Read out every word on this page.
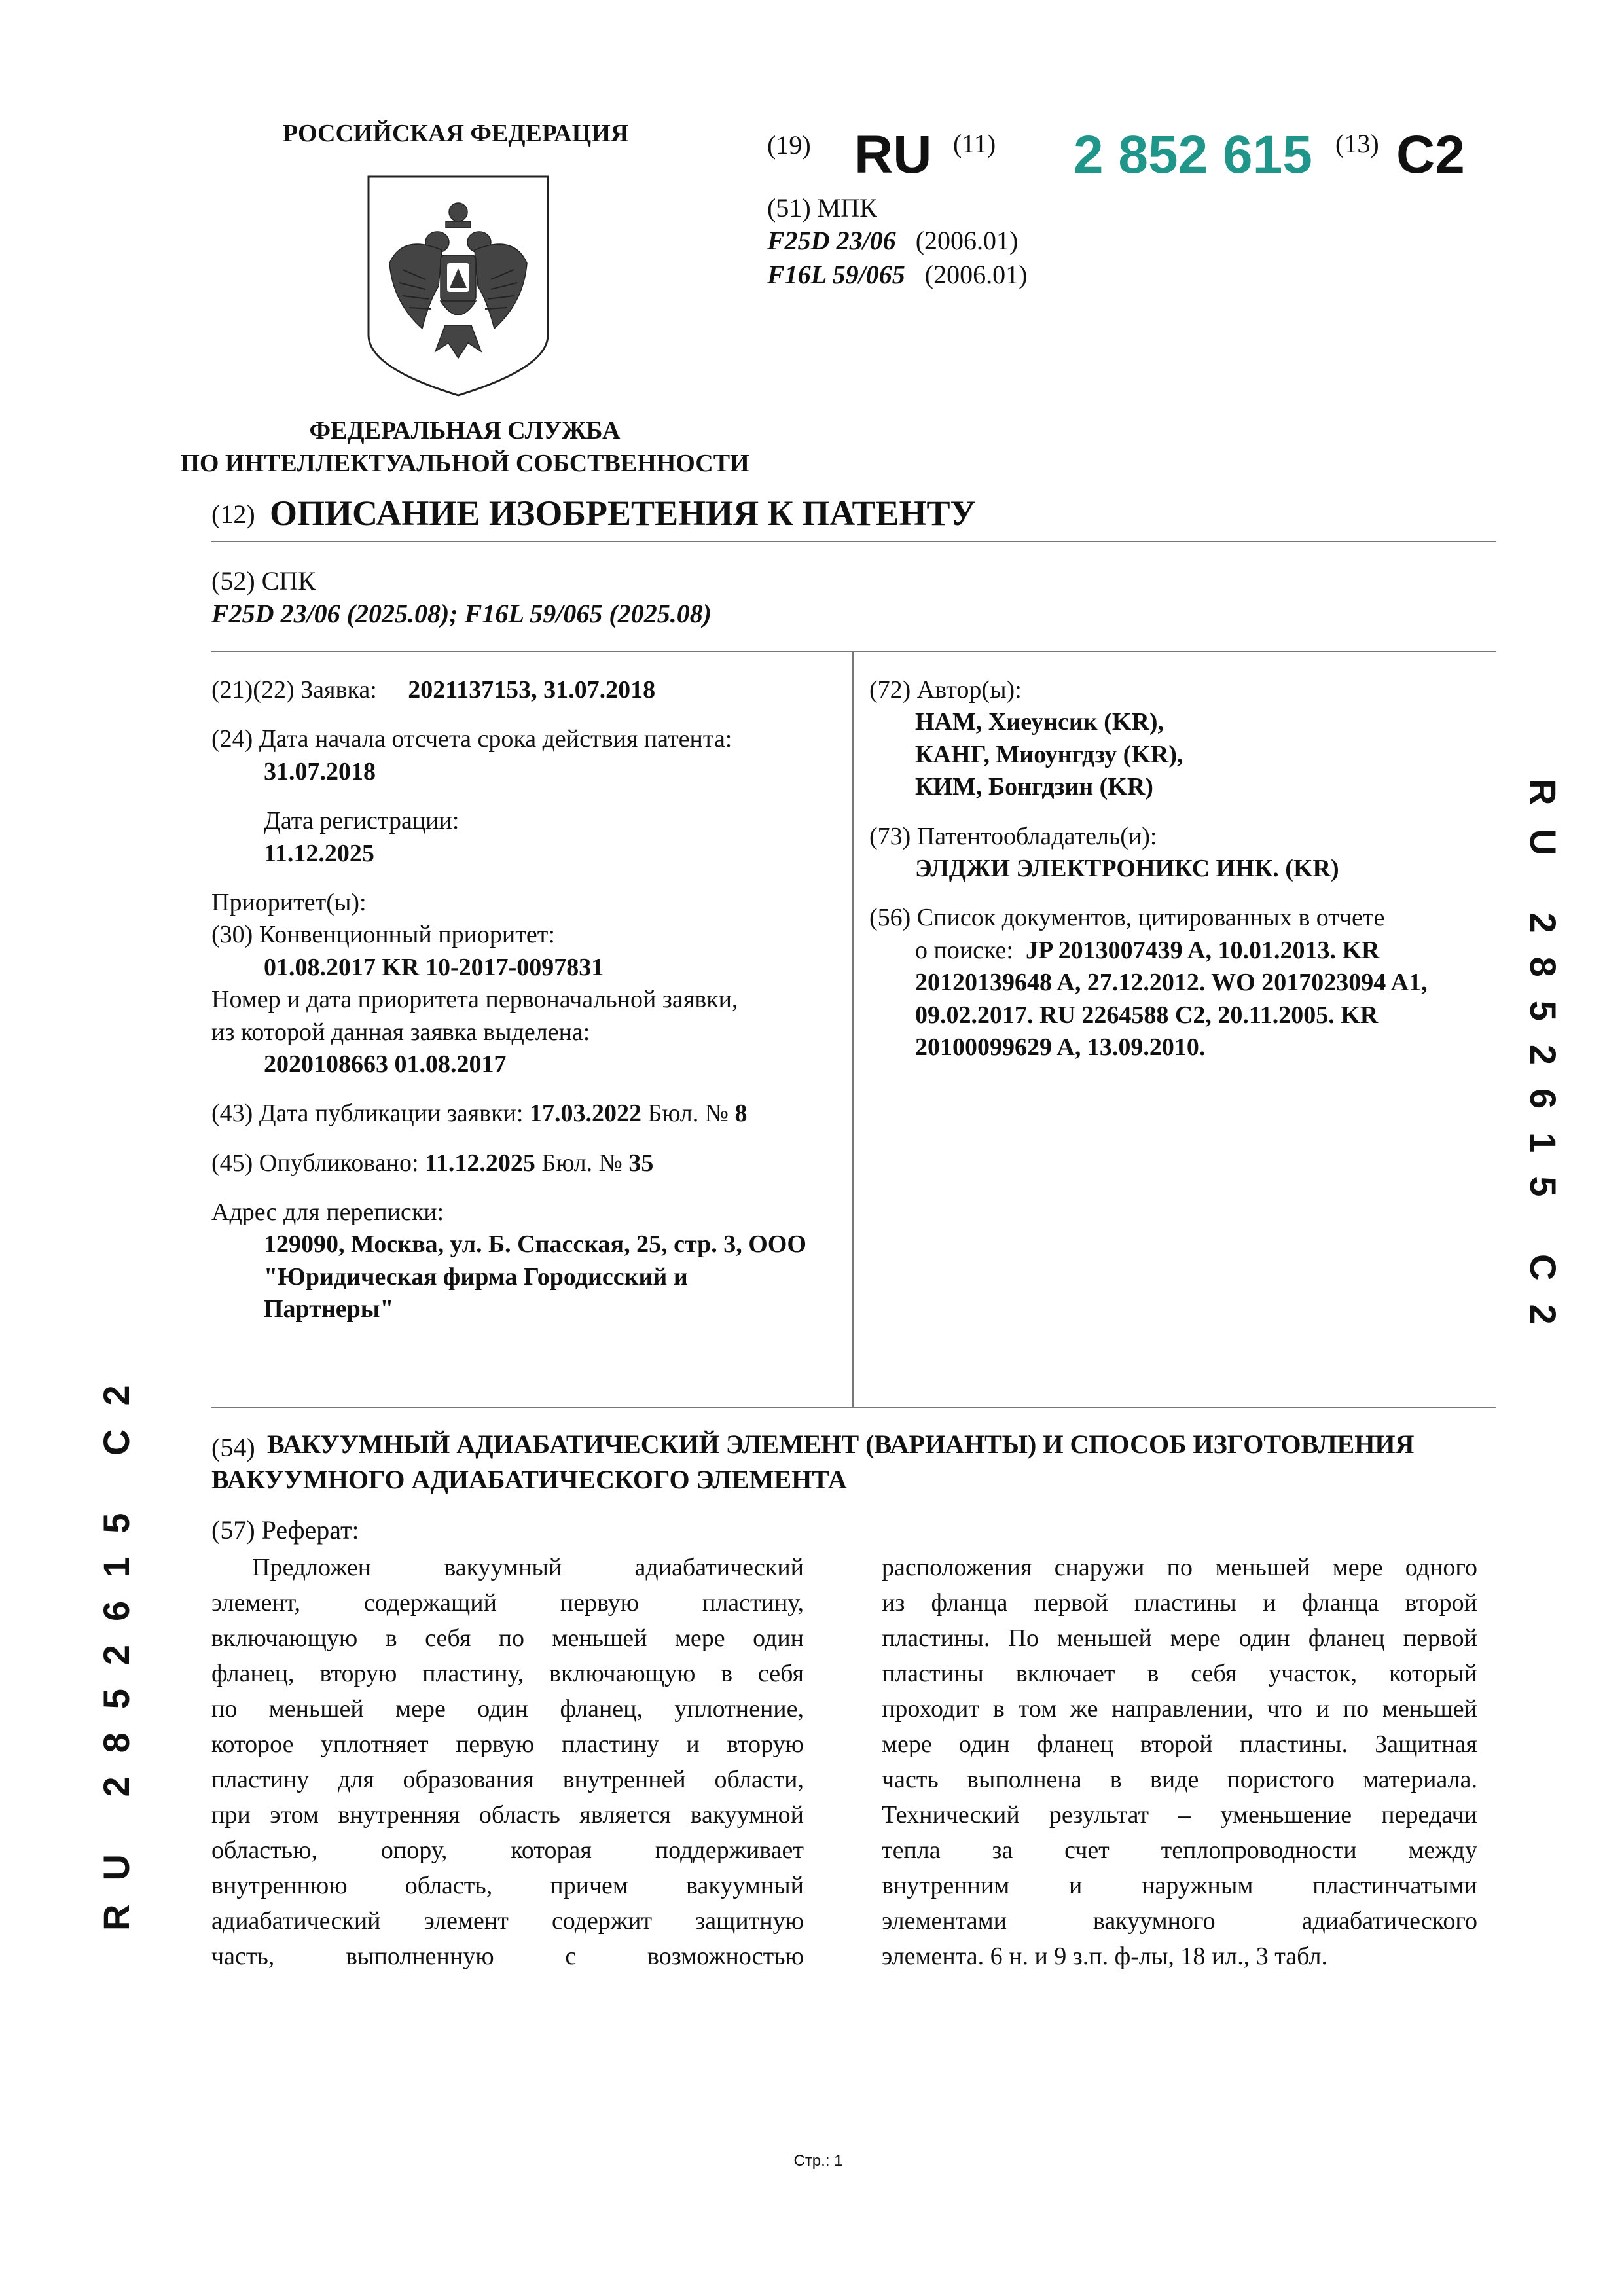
РОССИЙСКАЯ ФЕДЕРАЦИЯ
ФЕДЕРАЛЬНАЯ СЛУЖБА
ПО ИНТЕЛЛЕКТУАЛЬНОЙ СОБСТВЕННОСТИ
(19) RU (11) 2 852 615 (13) C2
(51) МПК
F25D 23/06 (2006.01)
F16L 59/065 (2006.01)
(12) ОПИСАНИЕ ИЗОБРЕТЕНИЯ К ПАТЕНТУ
(52) СПК
F25D 23/06 (2025.08); F16L 59/065 (2025.08)
(21)(22) Заявка: 2021137153, 31.07.2018
(24) Дата начала отсчета срока действия патента:
31.07.2018
Дата регистрации:
11.12.2025
Приоритет(ы):
(30) Конвенционный приоритет:
01.08.2017 KR 10-2017-0097831
Номер и дата приоритета первоначальной заявки,
из которой данная заявка выделена:
2020108663 01.08.2017
(43) Дата публикации заявки: 17.03.2022 Бюл. № 8
(45) Опубликовано: 11.12.2025 Бюл. № 35
Адрес для переписки:
129090, Москва, ул. Б. Спасская, 25, стр. 3, ООО
"Юридическая фирма Городисский и
Партнеры"
(72) Автор(ы):
НАМ, Хиеунсик (KR),
КАНГ, Миоунгдзу (KR),
КИМ, Бонгдзин (KR)
(73) Патентообладатель(и):
ЭЛДЖИ ЭЛЕКТРОНИКС ИНК. (KR)
(56) Список документов, цитированных в отчете
о поиске: JP 2013007439 A, 10.01.2013. KR
20120139648 A, 27.12.2012. WO 2017023094 A1,
09.02.2017. RU 2264588 C2, 20.11.2005. KR
20100099629 A, 13.09.2010.
(54) ВАКУУМНЫЙ АДИАБАТИЧЕСКИЙ ЭЛЕМЕНТ (ВАРИАНТЫ) И СПОСОБ ИЗГОТОВЛЕНИЯ
ВАКУУМНОГО АДИАБАТИЧЕСКОГО ЭЛЕМЕНТА
(57) Реферат:
Предложен вакуумный адиабатический
элемент, содержащий первую пластину,
включающую в себя по меньшей мере один
фланец, вторую пластину, включающую в себя
по меньшей мере один фланец, уплотнение,
которое уплотняет первую пластину и вторую
пластину для образования внутренней области,
при этом внутренняя область является вакуумной
областью, опору, которая поддерживает
внутреннюю область, причем вакуумный
адиабатический элемент содержит защитную
часть, выполненную с возможностью
расположения снаружи по меньшей мере одного
из фланца первой пластины и фланца второй
пластины. По меньшей мере один фланец первой
пластины включает в себя участок, который
проходит в том же направлении, что и по меньшей
мере один фланец второй пластины. Защитная
часть выполнена в виде пористого материала.
Технический результат – уменьшение передачи
тепла за счет теплопроводности между
внутренним и наружным пластинчатыми
элементами вакуумного адиабатического
элемента. 6 н. и 9 з.п. ф-лы, 18 ил., 3 табл.
RU 2852615 C2
RU 2852615 C2
Стр.: 1
